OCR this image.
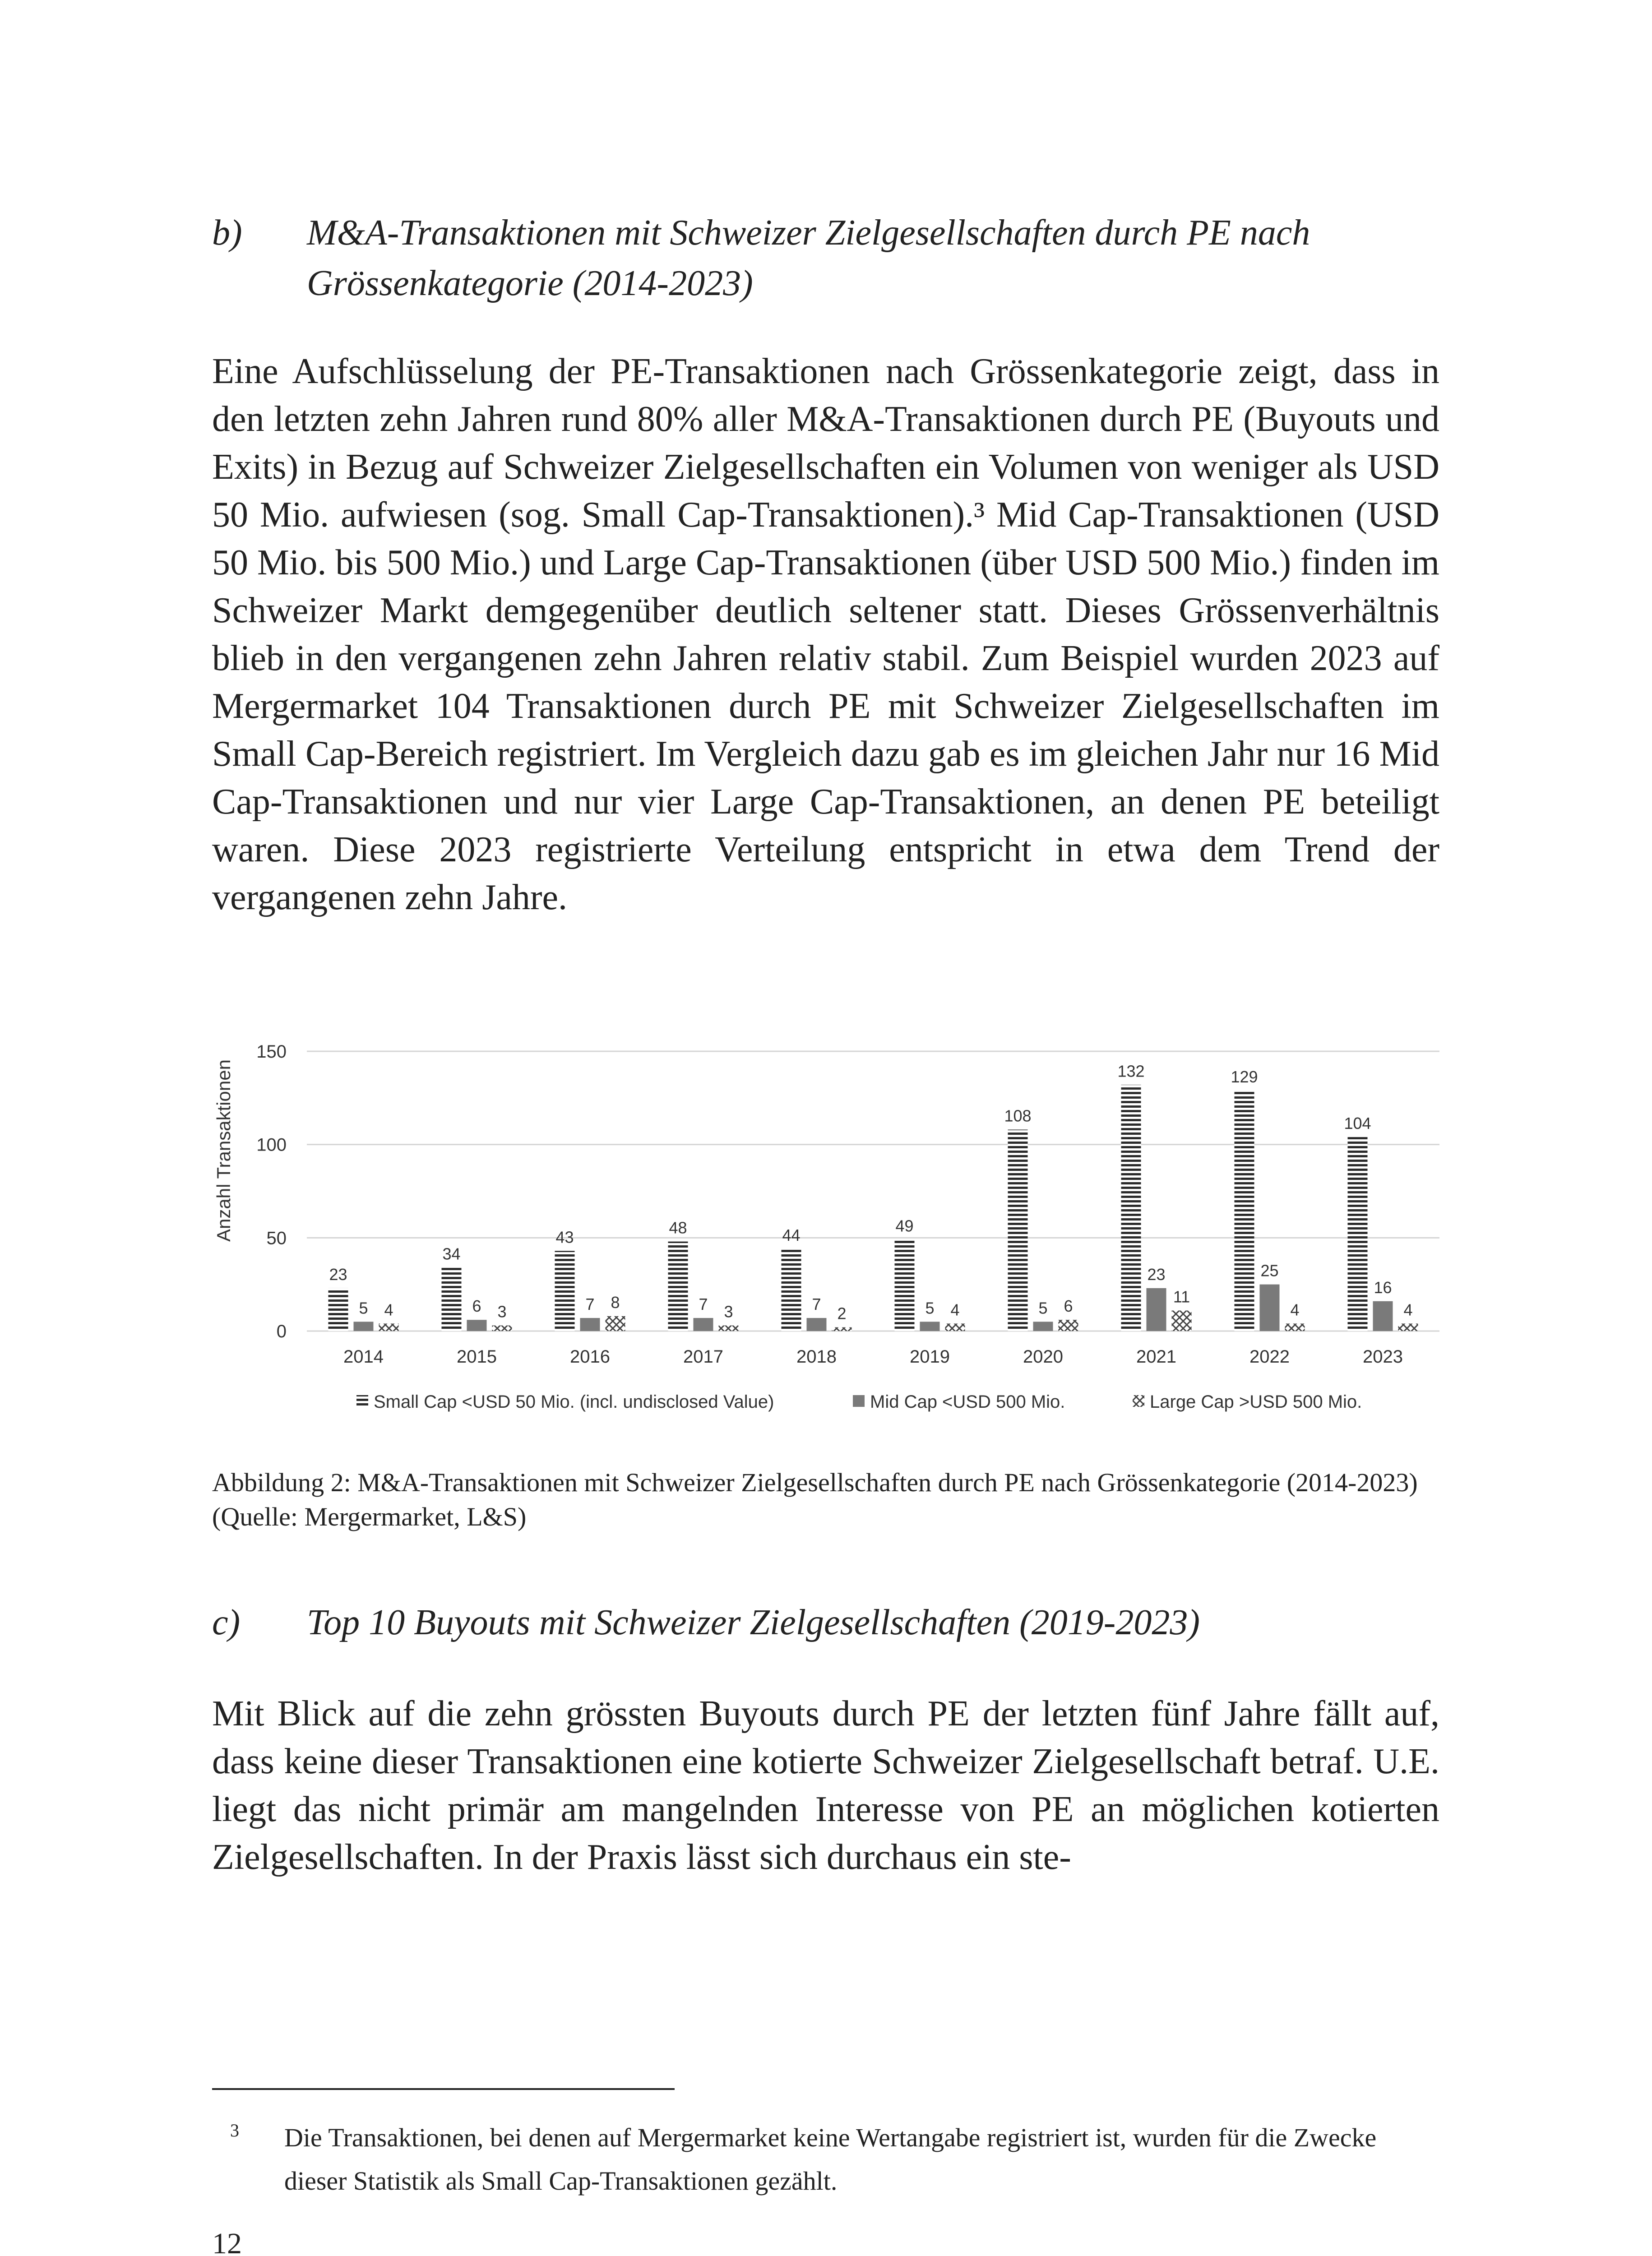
b) M&A-Transaktionen mit Schweizer Zielgesellschaften durch PE nach
Grössenkategorie (2014-2023)

Eine Aufschlüsselung der PE-Transaktionen nach Grössenkategorie zeigt, dass in den letzten zehn Jahren rund 80% aller M&A-Transaktionen durch PE (Buyouts und Exits) in Bezug auf Schweizer Zielgesellschaften ein Volumen von weniger als USD 50 Mio. aufwiesen (sog. Small Cap-Transaktionen).³ Mid Cap-Transaktionen (USD 50 Mio. bis 500 Mio.) und Large Cap-Transaktionen (über USD 500 Mio.) finden im Schweizer Markt demgegenüber deutlich seltener statt. Dieses Grössenverhältnis blieb in den vergangenen zehn Jahren relativ stabil. Zum Beispiel wurden 2023 auf Mergermarket 104 Transaktionen durch PE mit Schweizer Zielgesellschaften im Small Cap-Bereich registriert. Im Vergleich dazu gab es im gleichen Jahr nur 16 Mid Cap-Transaktionen und nur vier Large Cap-Transaktionen, an denen PE beteiligt waren. Diese 2023 registrierte Verteilung entspricht in etwa dem Trend der vergangenen zehn Jahre.

0
50
100
150
23
5 4
34
6 3
43
7 8
48
7 3
44
7
2
49
5 4
108
5 6
132
23
11
129
25
4
104
16
4
2014	2015	2016	2017	2018	2019	2020	2021	2022	2023
Anzahl Transaktionen
Small Cap <USD 50 Mio. (incl. undisclosed Value)	Mid Cap <USD 500 Mio.	Large Cap >USD 500 Mio.
Abbildung 2: M&A-Transaktionen mit Schweizer Zielgesellschaften durch PE nach Grössenkategorie (2014-2023) (Quelle: Mergermarket, L&S)
c) Top 10 Buyouts mit Schweizer Zielgesellschaften (2019-2023)

Mit Blick auf die zehn grössten Buyouts durch PE der letzten fünf Jahre fällt auf, dass keine dieser Transaktionen eine kotierte Schweizer Zielgesellschaft betraf. U.E. liegt das nicht primär am mangelnden Interesse von PE an möglichen kotierten Zielgesellschaften. In der Praxis lässt sich durchaus ein ste-

3 Die Transaktionen, bei denen auf Mergermarket keine Wertangabe registriert ist, wurden für die Zwecke dieser Statistik als Small Cap-Transaktionen gezählt.
12
